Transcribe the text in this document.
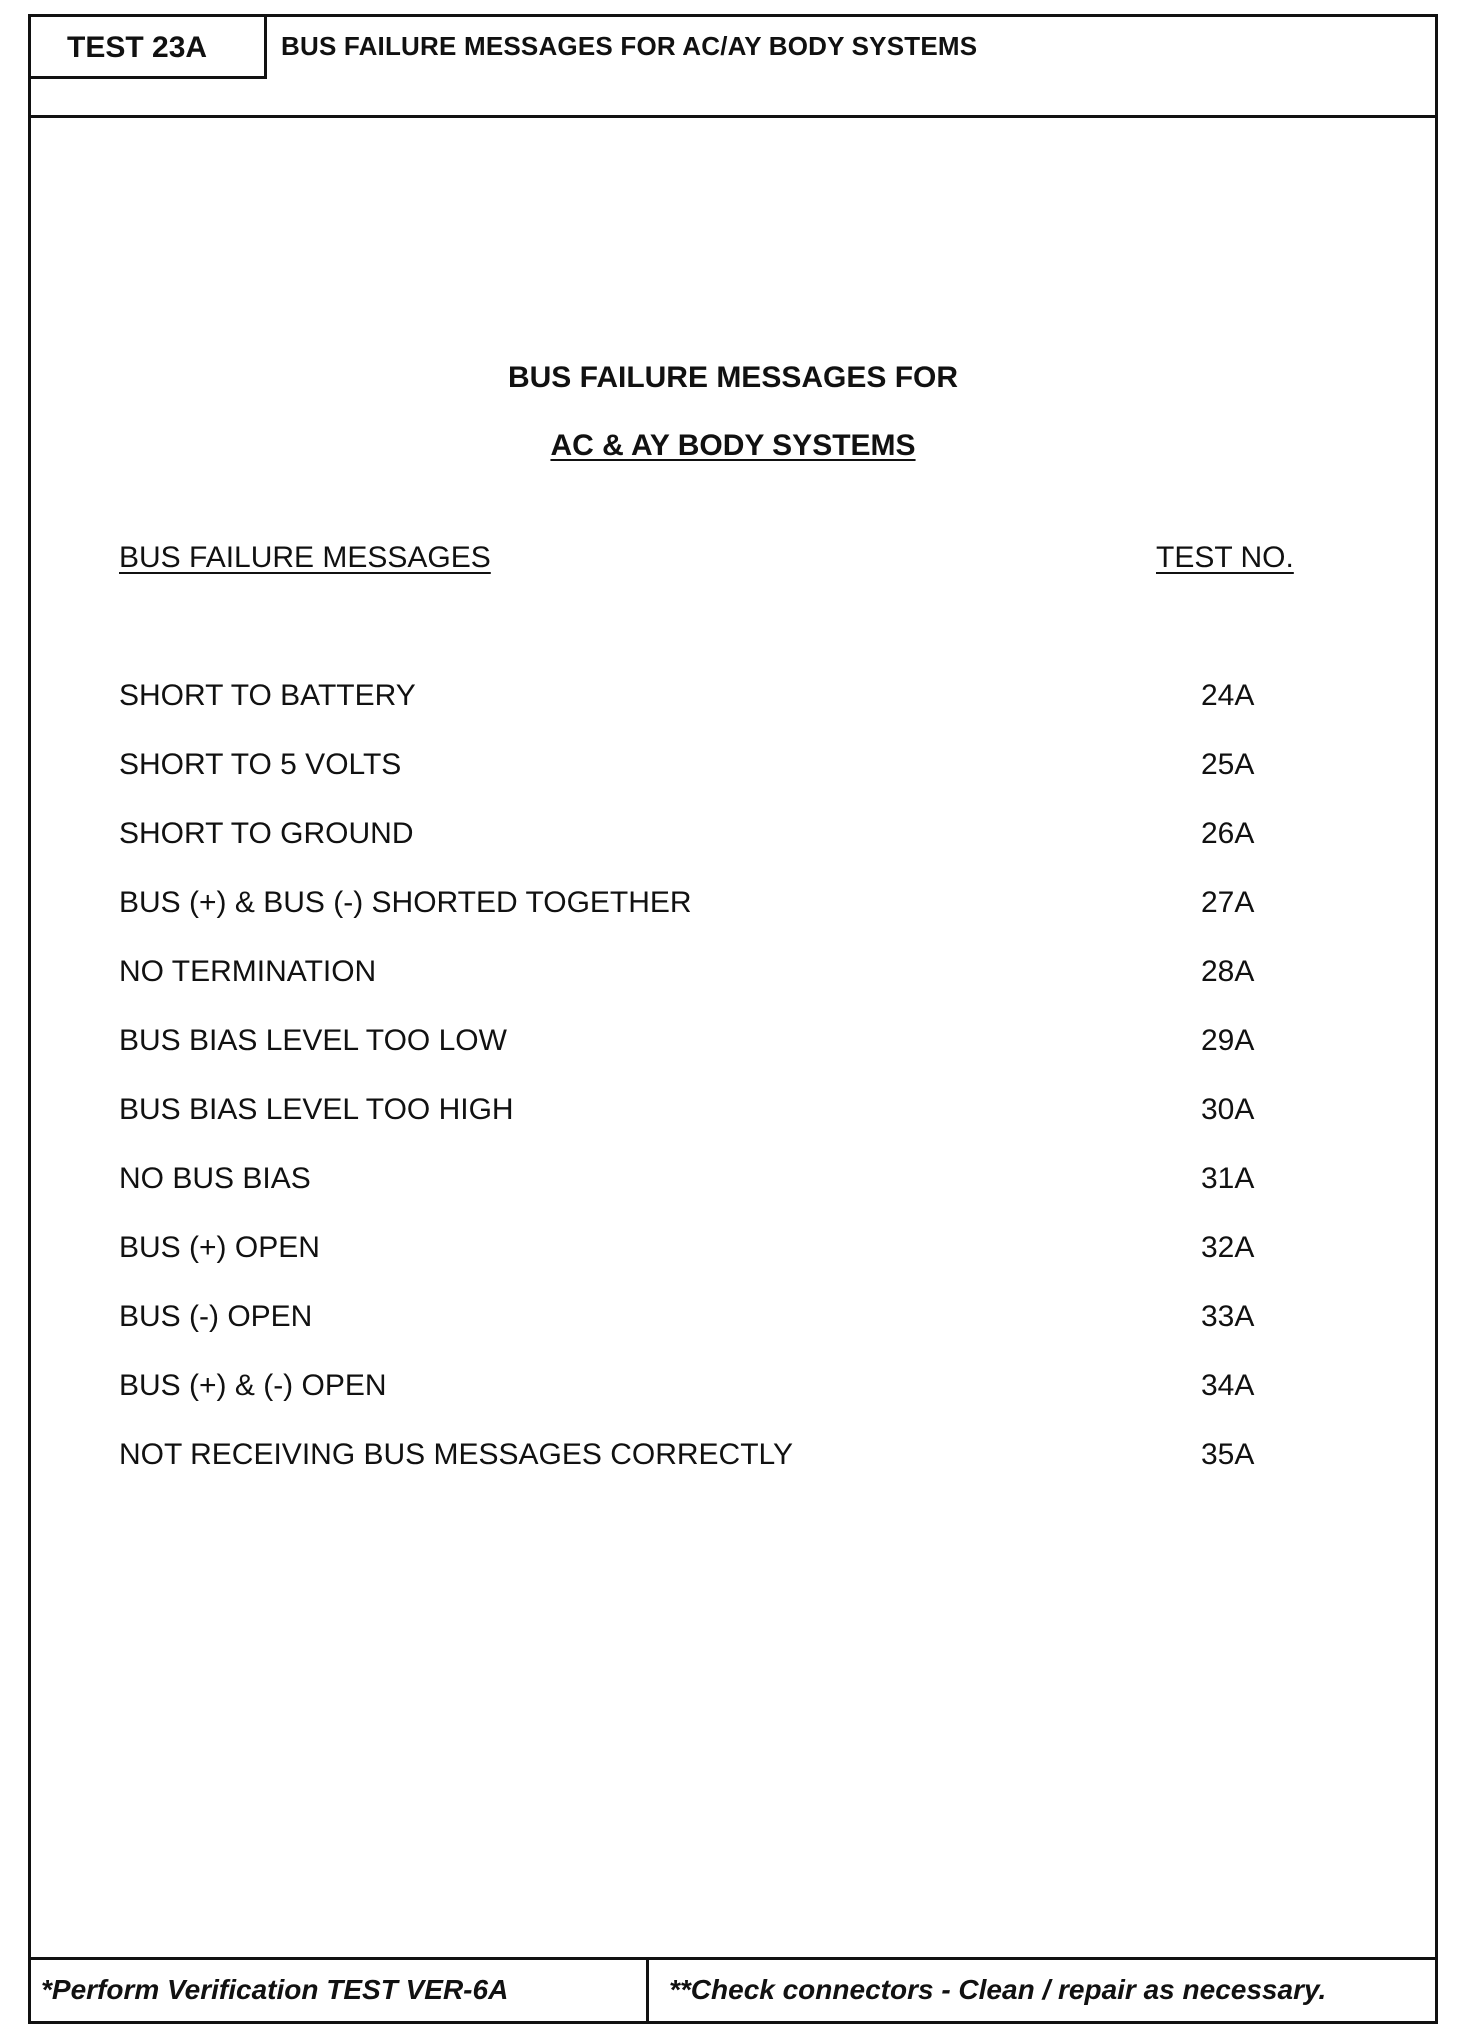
TEST 23A	BUS FAILURE MESSAGES FOR AC/AY BODY SYSTEMS
BUS FAILURE MESSAGES FOR
AC & AY BODY SYSTEMS
BUS FAILURE MESSAGES	TEST NO.
SHORT TO BATTERY	24A
SHORT TO 5 VOLTS	25A
SHORT TO GROUND	26A
BUS (+) & BUS (-) SHORTED TOGETHER	27A
NO TERMINATION	28A
BUS BIAS LEVEL TOO LOW	29A
BUS BIAS LEVEL TOO HIGH	30A
NO BUS BIAS	31A
BUS (+) OPEN	32A
BUS (-) OPEN	33A
BUS (+) & (-) OPEN	34A
NOT RECEIVING BUS MESSAGES CORRECTLY	35A
*Perform Verification TEST VER-6A	**Check connectors - Clean / repair as necessary.
